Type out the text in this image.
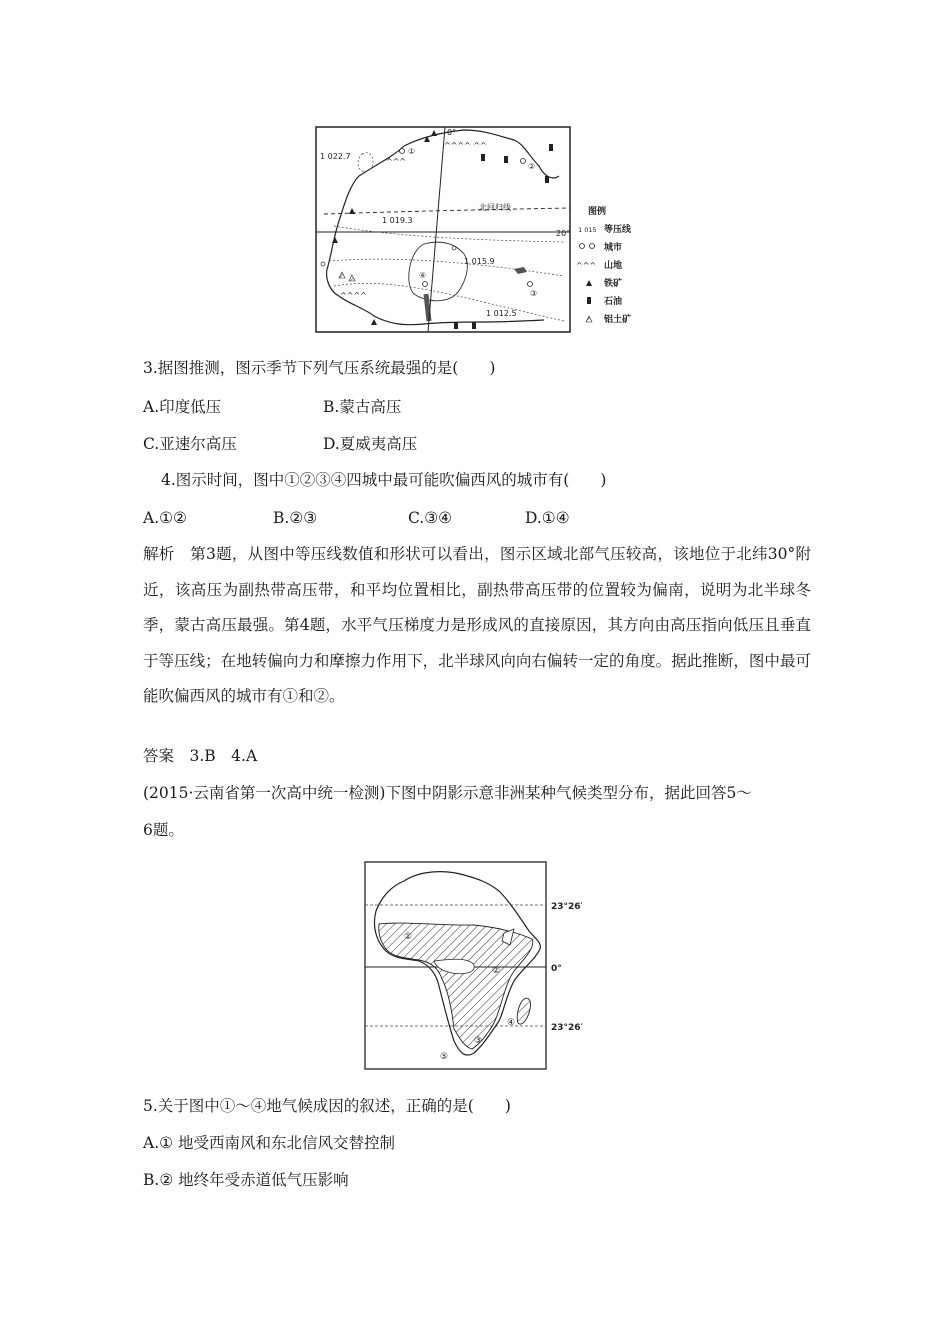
1 022.7
1 019.3
1 015.9
1 012.5
北回归线
20°
0°
①
②
③
④
^^^^ ^^
^^^
^^^^
图例
1 015 等压线
城市
^^^ 山地
铁矿
石油
铝土矿
3.据图推测，图示季节下列气压系统最强的是(　　)
A.印度低压	B.蒙古高压
C.亚速尔高压	D.夏威夷高压
4.图示时间，图中①②③④四城中最可能吹偏西风的城市有(　　)
A.①②	B.②③	C.③④	D.①④
解析　第3题，从图中等压线数值和形状可以看出，图示区域北部气压较高，该地位于北纬30°附近，该高压为副热带高压带，和平均位置相比，副热带高压带的位置较为偏南，说明为北半球冬季，蒙古高压最强。第4题，水平气压梯度力是形成风的直接原因，其方向由高压指向低压且垂直于等压线；在地转偏向力和摩擦力作用下，北半球风向向右偏转一定的角度。据此推断，图中最可能吹偏西风的城市有①和②。
答案　3.B　4.A
(2015·云南省第一次高中统一检测)下图中阴影示意非洲某种气候类型分布，据此回答5～
6题。
①
②
③
④
⑤
23°26′
0°
23°26′
5.关于图中①～④地气候成因的叙述，正确的是(　　)
A.① 地受西南风和东北信风交替控制
B.② 地终年受赤道低气压影响
